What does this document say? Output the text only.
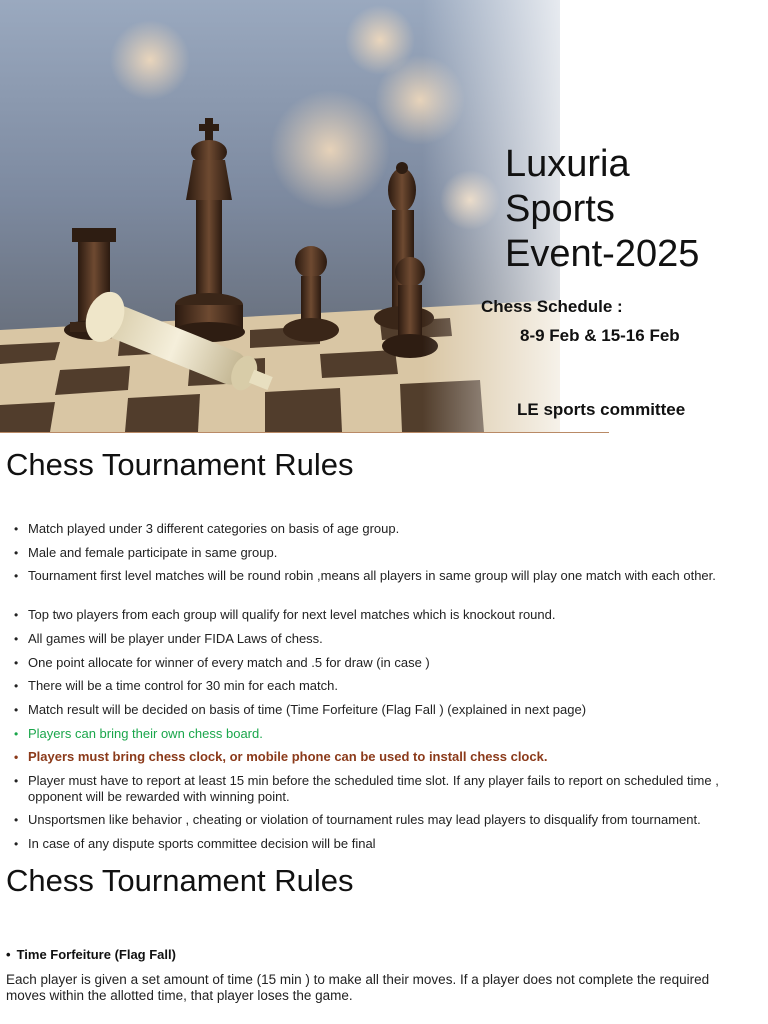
Luxuria
Sports
Event-2025
Chess Schedule :
8-9 Feb & 15-16 Feb
LE sports committee
Chess Tournament Rules
• Match played under 3 different categories on basis of age group.
• Male and female participate in same group.
• Tournament first level matches will be round robin ,means all players in same group will play one match with each other.
• Top two players from each group will qualify for next level matches which is knockout round.
• All games will be player under FIDA Laws of chess.
• One point allocate for winner of every match and .5 for draw (in case )
• There will be a time control for 30 min for each match.
• Match result will be decided on basis of time (Time Forfeiture (Flag Fall ) (explained in next page)
• Players can bring their own chess board.
• Players must bring chess clock, or mobile phone can be used to install chess clock.
• Player must have to report at least 15 min before the scheduled time slot. If any player fails to report on scheduled time , opponent will be rewarded with winning point.
• Unsportsmen like behavior , cheating or violation of tournament rules may lead players to disqualify from tournament.
• In case of any dispute sports committee decision will be final
Chess Tournament Rules
• Time Forfeiture (Flag Fall)
Each player is given a set amount of time (15 min ) to make all their moves. If a player does not complete the required moves within the allotted time, that player loses the game.
